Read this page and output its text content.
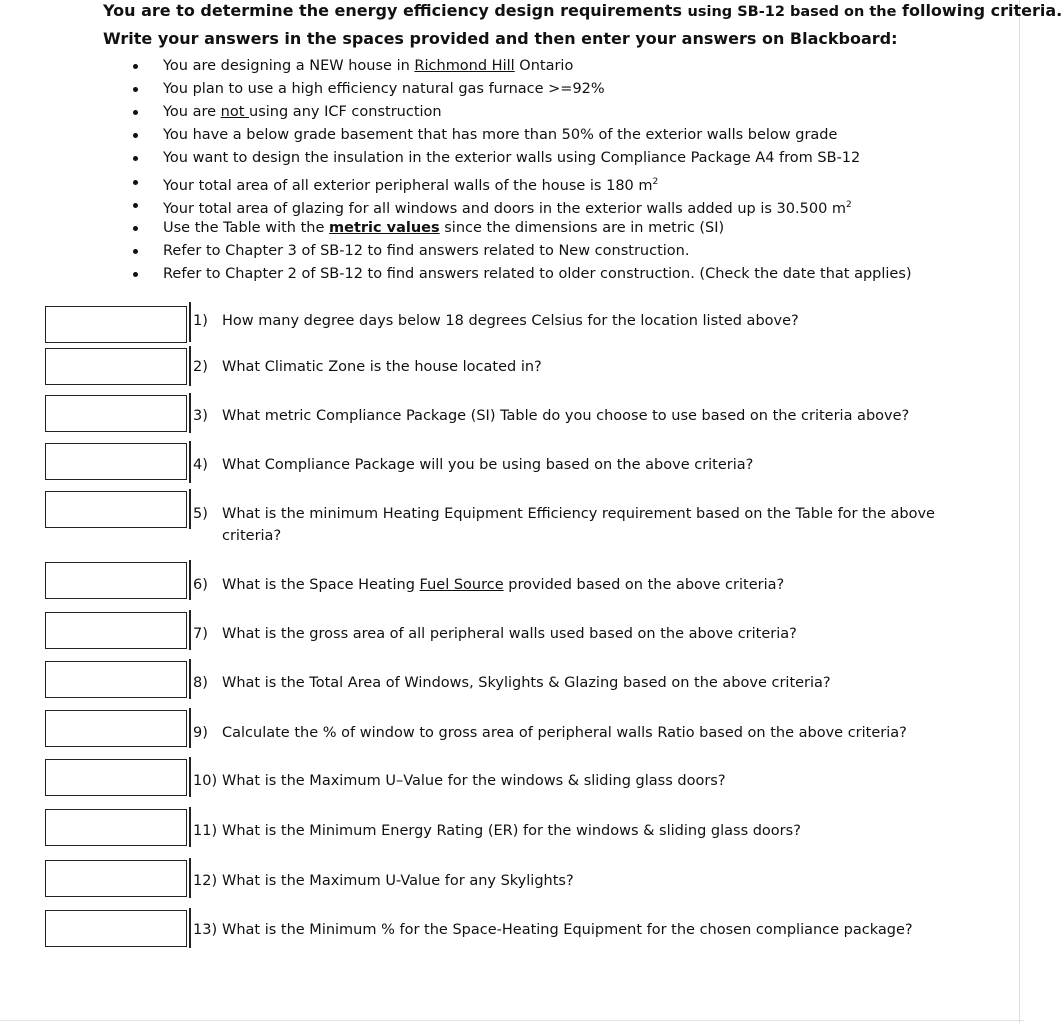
You are to determine the energy efficiency design requirements using SB-12 based on the following criteria.
Write your answers in the spaces provided and then enter your answers on Blackboard:
You are designing a NEW house in Richmond Hill Ontario
You plan to use a high efficiency natural gas furnace >=92%
You are not using any ICF construction
You have a below grade basement that has more than 50% of the exterior walls below grade
You want to design the insulation in the exterior walls using Compliance Package A4 from SB-12
Your total area of all exterior peripheral walls of the house is 180 $m^2$
Your total area of glazing for all windows and doors in the exterior walls added up is 30.500 $m^2$
Use the Table with the metric values since the dimensions are in metric (SI)
Refer to Chapter 3 of SB-12 to find answers related to New construction.
Refer to Chapter 2 of SB-12 to find answers related to older construction. (Check the date that applies)
1) How many degree days below 18 degrees Celsius for the location listed above?
2) What Climatic Zone is the house located in?
3) What metric Compliance Package (SI) Table do you choose to use based on the criteria above?
4) What Compliance Package will you be using based on the above criteria?
5) What is the minimum Heating Equipment Efficiency requirement based on the Table for the above
criteria?
6) What is the Space Heating Fuel Source provided based on the above criteria?
7) What is the gross area of all peripheral walls used based on the above criteria?
8) What is the Total Area of Windows, Skylights & Glazing based on the above criteria?
9) Calculate the % of window to gross area of peripheral walls Ratio based on the above criteria?
10) What is the Maximum U–Value for the windows & sliding glass doors?
11) What is the Minimum Energy Rating (ER) for the windows & sliding glass doors?
12) What is the Maximum U-Value for any Skylights?
13) What is the Minimum % for the Space-Heating Equipment for the chosen compliance package?
